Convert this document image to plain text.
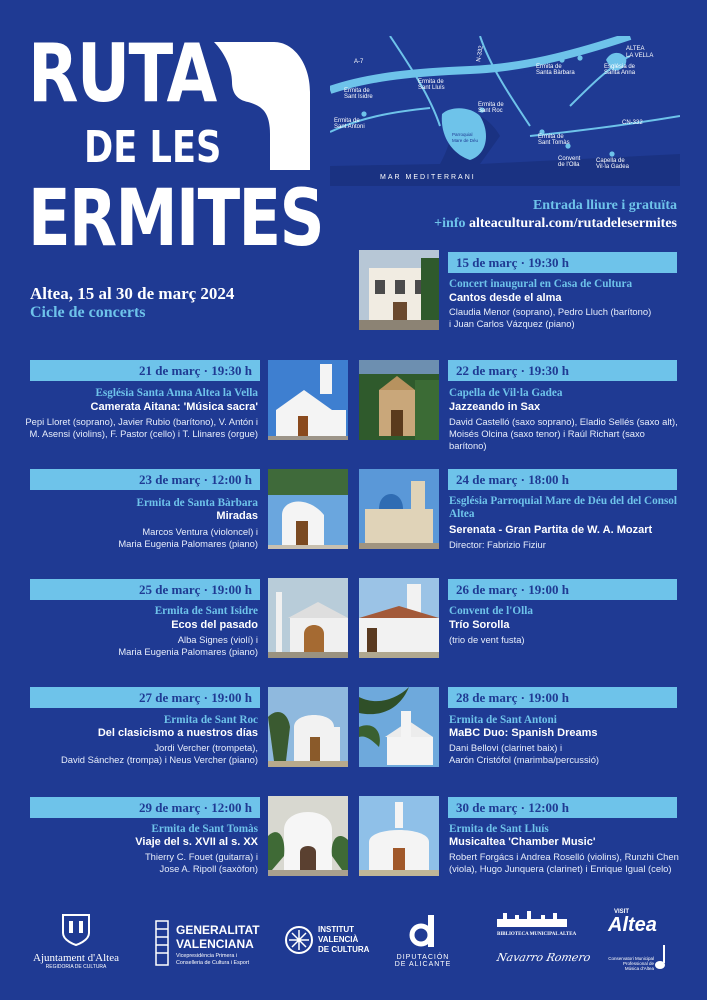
RUTA
DE LES
ERMITES
A-7	N-332
CN-332
MAR MEDITERRANI
ALTEA
LA VELLA
Ermita de
Sant Isidre
Ermita de
Sant Lluís
Ermita de
Santa Bàrbara
Església de
Santa Anna
Ermita de
Sant Antoni
Ermita de
Sant Roc
Parroquial
Mare de Déu
Ermita de
Sant Tomàs
Convent
de l'Olla
Capella de
Vil·la Gadea
Entrada lliure i gratuïta
+info alteacultural.com/rutadelesermites
Altea, 15 al 30 de març 2024
Cicle de concerts
15 de març · 19:30 h
Concert inaugural en Casa de Cultura
Cantos desde el alma
Claudia Menor (soprano), Pedro Lluch (barítono)
i Juan Carlos Vázquez (piano)
21 de març · 19:30 h
Església Santa Anna Altea la Vella
Camerata Aitana: 'Música sacra'
Pepi Lloret (soprano), Javier Rubio (barítono), V. Antón i
M. Asensi (violins), F. Pastor (cello) i T. Llinares (orgue)
22 de març · 19:30 h
Capella de Vil·la Gadea
Jazzeando in Sax
David Castelló (saxo soprano), Eladio Sellés (saxo alt),
Moisés Olcina (saxo tenor) i Raúl Richart (saxo barítono)
23 de març · 12:00 h
Ermita de Santa Bàrbara
Miradas
Marcos Ventura (violoncel) i
Maria Eugenia Palomares (piano)
24 de març · 18:00 h
Església Parroquial Mare de Déu del del Consol Altea
Serenata - Gran Partita de W. A. Mozart
Director: Fabrizio Fiziur
25 de març · 19:00 h
Ermita de Sant Isidre
Ecos del pasado
Alba Signes (violí) i
Maria Eugenia Palomares (piano)
26 de març · 19:00 h
Convent de l'Olla
Trío Sorolla
(trio de vent fusta)
27 de març · 19:00 h
Ermita de Sant Roc
Del clasicismo a nuestros días
Jordi Vercher (trompeta),
David Sánchez (trompa) i Neus Vercher (piano)
28 de març · 19:00 h
Ermita de Sant Antoni
MaBC Duo: Spanish Dreams
Dani Bellovi (clarinet baix) i
Aarón Cristófol (marimba/percussió)
29 de març · 12:00 h
Ermita de Sant Tomàs
Viaje del s. XVII al s. XX
Thierry C. Fouet (guitarra) i
Jose A. Ripoll (saxòfon)
30 de març · 12:00 h
Ermita de Sant Lluís
Musicaltea 'Chamber Music'
Robert Forgács i Andrea Roselló (violins), Runzhi Chen
(viola), Hugo Junquera (clarinet) i Enrique Igual (celo)
Ajuntament d'Altea
REGIDORIA DE CULTURA
GENERALITAT
VALENCIANA
Vicepresidència Primera i
Conselleria de Cultura i Esport
INSTITUT
VALENCIÀ
DE CULTURA
DIPUTACIÓN
DE ALICANTE
BIBLIOTECA MUNICIPAL ALTEA
Navarro Romero
VISIT
Altea
Conservatori Municipal Professional de Música d'Altea
